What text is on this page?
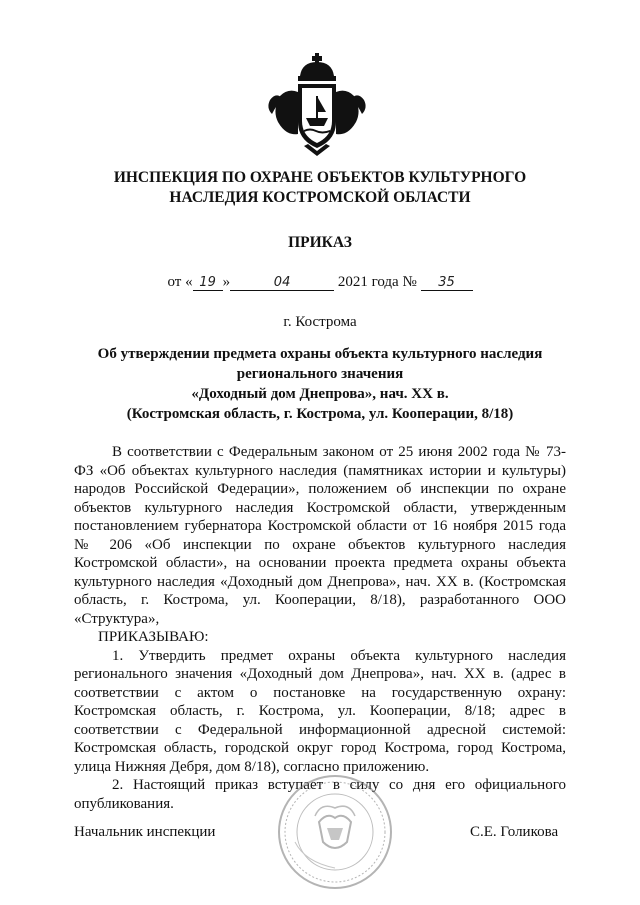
ИНСПЕКЦИЯ ПО ОХРАНЕ ОБЪЕКТОВ КУЛЬТУРНОГО
НАСЛЕДИЯ КОСТРОМСКОЙ ОБЛАСТИ
ПРИКАЗ
от « 19 »	04	2021 года № 35
г. Кострома
Об утверждении предмета охраны объекта культурного наследия
регионального значения
«Доходный дом Днепрова», нач. XX в.
(Костромская область, г. Кострома, ул. Кооперации, 8/18)

В соответствии с Федеральным законом от 25 июня 2002 года № 73-ФЗ «Об объектах культурного наследия (памятниках истории и культуры) народов Российской Федерации», положением об инспекции по охране объектов культурного наследия Костромской области, утвержденным постановлением губернатора Костромской области от 16 ноября 2015 года № 206 «Об инспекции по охране объектов культурного наследия Костромской области», на основании проекта предмета охраны объекта культурного наследия «Доходный дом Днепрова», нач. XX в. (Костромская область, г. Кострома, ул. Кооперации, 8/18), разработанного ООО «Структура»,

ПРИКАЗЫВАЮ:

1. Утвердить предмет охраны объекта культурного наследия регионального значения «Доходный дом Днепрова», нач. XX в. (адрес в соответствии с актом о постановке на государственную охрану: Костромская область, г. Кострома, ул. Кооперации, 8/18; адрес в соответствии с Федеральной информационной адресной системой: Костромская область, городской округ город Кострома, город Кострома, улица Нижняя Дебря, дом 8/18), согласно приложению.

2. Настоящий приказ вступает в силу со дня его официального опубликования.

Начальник инспекции	С.Е. Голикова
